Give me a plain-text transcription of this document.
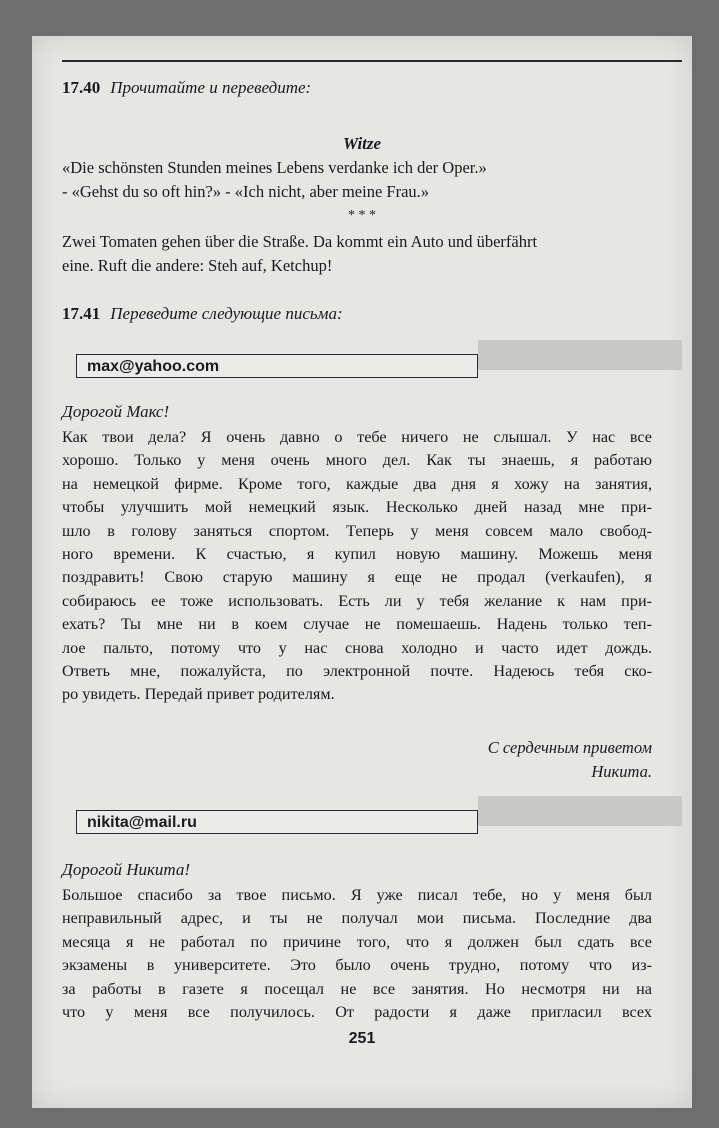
17.40 Прочитайте и переведите:
Witze
«Die schönsten Stunden meines Lebens verdanke ich der Oper.»
- «Gehst du so oft hin?» - «Ich nicht, aber meine Frau.»
* * *
Zwei Tomaten gehen über die Straße. Da kommt ein Auto und überfährt
eine. Ruft die andere: Steh auf, Ketchup!
17.41 Переведите следующие письма:
max@yahoo.com
Дорогой Макс!
Как твои дела? Я очень давно о тебе ничего не слышал. У нас все
хорошо. Только у меня очень много дел. Как ты знаешь, я работаю
на немецкой фирме. Кроме того, каждые два дня я хожу на занятия,
чтобы улучшить мой немецкий язык. Несколько дней назад мне при-
шло в голову заняться спортом. Теперь у меня совсем мало свобод-
ного времени. К счастью, я купил новую машину. Можешь меня
поздравить! Свою старую машину я еще не продал (verkaufen), я
собираюсь ее тоже использовать. Есть ли у тебя желание к нам при-
ехать? Ты мне ни в коем случае не помешаешь. Надень только теп-
лое пальто, потому что у нас снова холодно и часто идет дождь.
Ответь мне, пожалуйста, по электронной почте. Надеюсь тебя ско-
ро увидеть. Передай привет родителям.
С сердечным приветом
Никита.
nikita@mail.ru
Дорогой Никита!
Большое спасибо за твое письмо. Я уже писал тебе, но у меня был
неправильный адрес, и ты не получал мои письма. Последние два
месяца я не работал по причине того, что я должен был сдать все
экзамены в университете. Это было очень трудно, потому что из-
за работы в газете я посещал не все занятия. Но несмотря ни на
что у меня все получилось. От радости я даже пригласил всех
251
